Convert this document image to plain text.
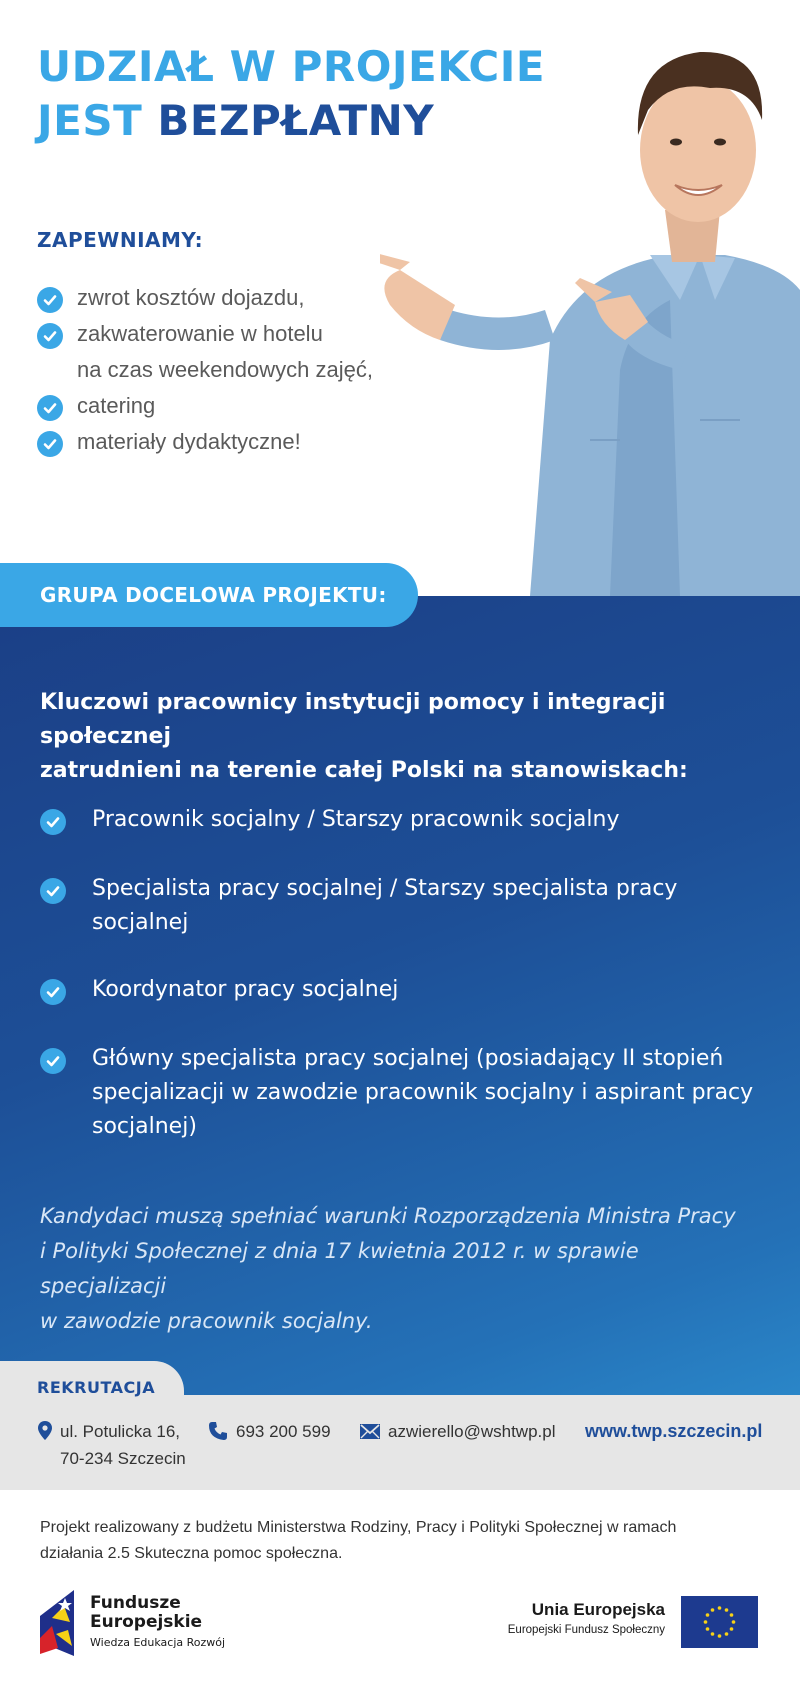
UDZIAŁ W PROJEKCIE
JEST BEZPŁATNY
ZAPEWNIAMY:
zwrot kosztów dojazdu,
zakwaterowanie w hotelu
na czas weekendowych zajęć,
catering
materiały dydaktyczne!
GRUPA DOCELOWA PROJEKTU:
Kluczowi pracownicy instytucji pomocy i integracji społecznej
zatrudnieni na terenie całej Polski na stanowiskach:
Pracownik socjalny / Starszy pracownik socjalny
Specjalista pracy socjalnej / Starszy specjalista pracy socjalnej
Koordynator pracy socjalnej
Główny specjalista pracy socjalnej (posiadający II stopień specjalizacji w zawodzie pracownik socjalny i aspirant pracy socjalnej)
Kandydaci muszą spełniać warunki Rozporządzenia Ministra Pracy
i Polityki Społecznej z dnia 17 kwietnia 2012 r. w sprawie specjalizacji
w zawodzie pracownik socjalny.
REKRUTACJA
ul. Potulicka 16,
70-234 Szczecin
693 200 599	azwierello@wshtwp.pl www.twp.szczecin.pl
Projekt realizowany z budżetu Ministerstwa Rodziny, Pracy i Polityki Społecznej w ramach
działania 2.5 Skuteczna pomoc społeczna.
Fundusze
Europejskie
Wiedza Edukacja Rozwój
Unia Europejska
Europejski Fundusz Społeczny
